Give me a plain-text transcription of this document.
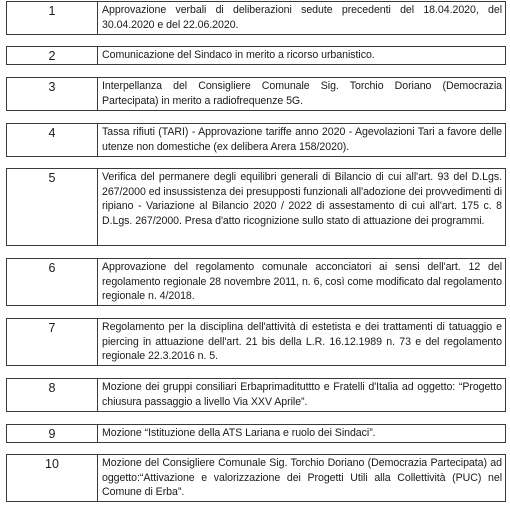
1	Approvazione verbali di deliberazioni sedute precedenti del 18.04.2020, del 30.04.2020 e del 22.06.2020.
2	Comunicazione del Sindaco in merito a ricorso urbanistico.
3	Interpellanza del Consigliere Comunale Sig. Torchio Doriano (Democrazia Partecipata) in merito a radiofrequenze 5G.
4	Tassa rifiuti (TARI) - Approvazione tariffe anno 2020 - Agevolazioni Tari a favore delle utenze non domestiche (ex delibera Arera 158/2020).
5	Verifica del permanere degli equilibri generali di Bilancio di cui all'art. 93 del D.Lgs. 267/2000 ed insussistenza dei presupposti funzionali all'adozione dei provvedimenti di ripiano - Variazione al Bilancio 2020 / 2022 di assestamento di cui all'art. 175 c. 8 D.Lgs. 267/2000. Presa d'atto ricognizione sullo stato di attuazione dei programmi.
6	Approvazione del regolamento comunale acconciatori ai sensi dell'art. 12 del regolamento regionale 28 novembre 2011, n. 6, così come modificato dal regolamento regionale n. 4/2018.
7	Regolamento per la disciplina dell'attività di estetista e dei trattamenti di tatuaggio e piercing in attuazione dell'art. 21 bis della L.R. 16.12.1989 n. 73 e del regolamento regionale 22.3.2016 n. 5.
8	Mozione dei gruppi consiliari Erbaprimadituttto e Fratelli d'Italia ad oggetto: “Progetto chiusura passaggio a livello Via XXV Aprile”.
9	Mozione “Istituzione della ATS Lariana e ruolo dei Sindaci”.
10	Mozione del Consigliere Comunale Sig. Torchio Doriano (Democrazia Partecipata) ad oggetto:“Attivazione e valorizzazione dei Progetti Utili alla Collettività (PUC) nel Comune di Erba”.
